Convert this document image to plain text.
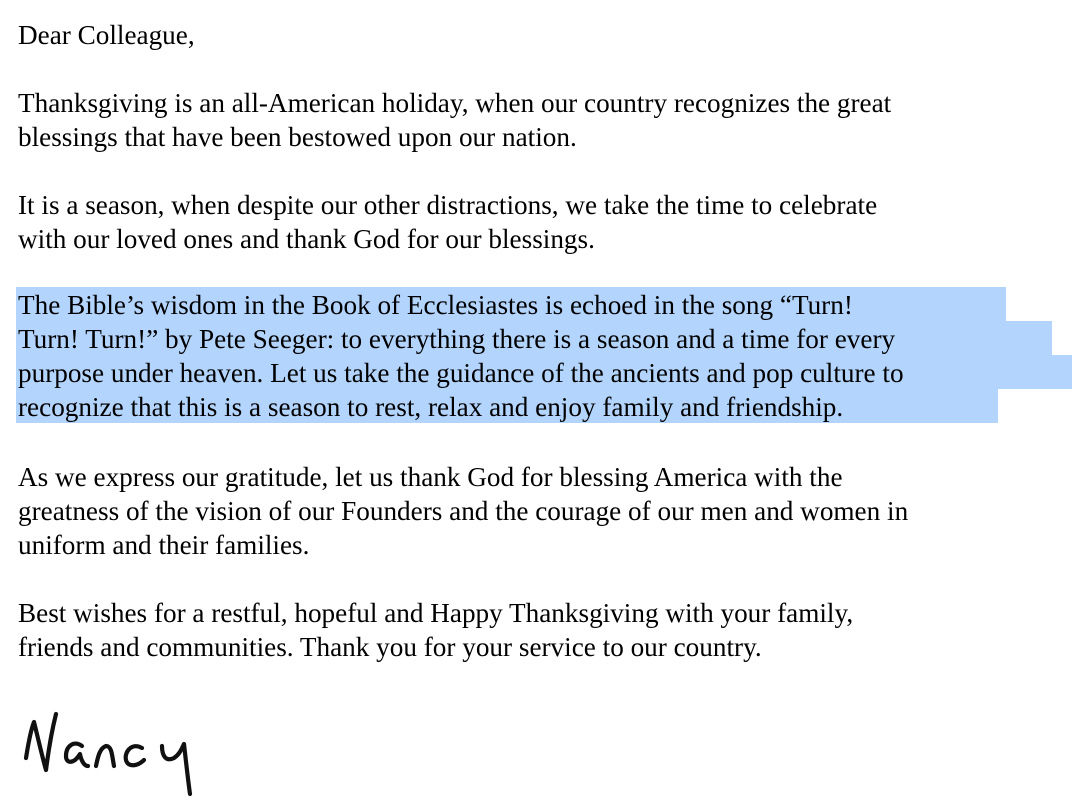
Dear Colleague,
Thanksgiving is an all-American holiday, when our country recognizes the great
blessings that have been bestowed upon our nation.
It is a season, when despite our other distractions, we take the time to celebrate
with our loved ones and thank God for our blessings.
The Bible’s wisdom in the Book of Ecclesiastes is echoed in the song “Turn!
Turn! Turn!” by Pete Seeger: to everything there is a season and a time for every
purpose under heaven. Let us take the guidance of the ancients and pop culture to
recognize that this is a season to rest, relax and enjoy family and friendship.
As we express our gratitude, let us thank God for blessing America with the
greatness of the vision of our Founders and the courage of our men and women in
uniform and their families.
Best wishes for a restful, hopeful and Happy Thanksgiving with your family,
friends and communities. Thank you for your service to our country.
